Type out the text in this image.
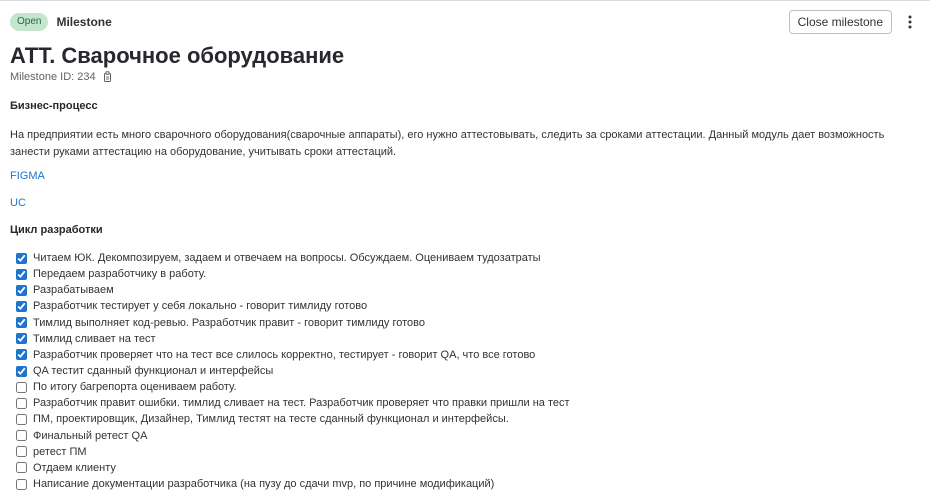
Open	Milestone	Close milestone
АТТ. Сварочное оборудование
Milestone ID: 234
Бизнес-процесс

На предприятии есть много сварочного оборудования(сварочные аппараты), его нужно аттестовывать, следить за сроками аттестации. Данный модуль дает возможность занести руками аттестацию на оборудование, учитывать сроки аттестаций.

FIGMA
UC
Цикл разработки
Читаем ЮК. Декомпозируем, задаем и отвечаем на вопросы. Обсуждаем. Оцениваем тудозатраты
Передаем разработчику в работу.
Разрабатываем
Разработчик тестирует у себя локально - говорит тимлиду готово
Тимлид выполняет код-ревью. Разработчик правит - говорит тимлиду готово
Тимлид сливает на тест
Разработчик проверяет что на тест все слилось корректно, тестирует - говорит QA, что все готово
QA тестит сданный функционал и интерфейсы
По итогу багрепорта оцениваем работу.
Разработчик правит ошибки. тимлид сливает на тест. Разработчик проверяет что правки пришли на тест
ПМ, проектировщик, Дизайнер, Тимлид тестят на тесте сданный функционал и интерфейсы.
Финальный ретест QA
ретест ПМ
Отдаем клиенту
Написание документации разработчика (на пузу до сдачи mvp, по причине модификаций)
